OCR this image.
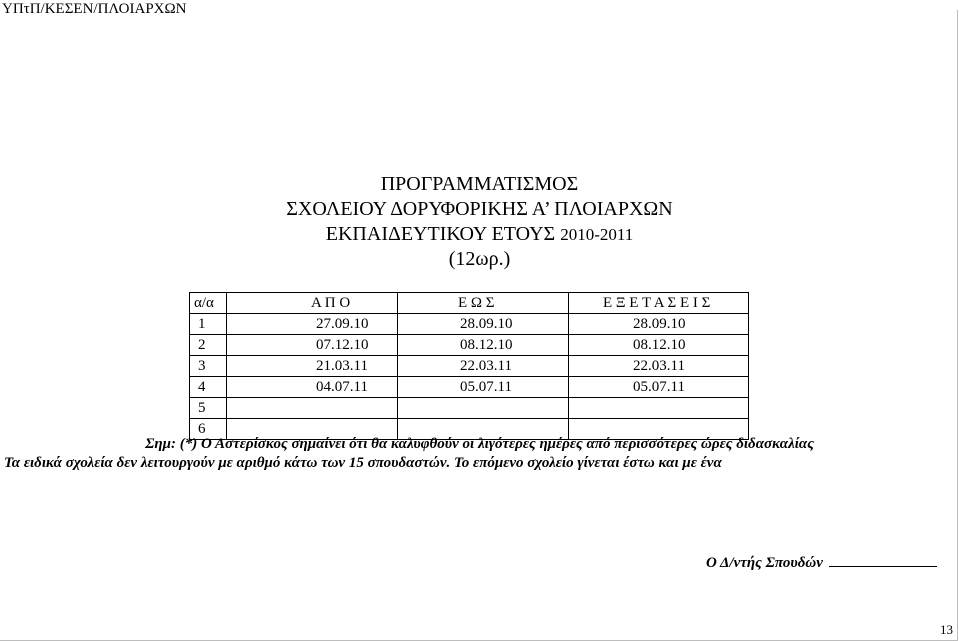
ΥΠτΠ/ΚΕΣΕΝ/ΠΛΟΙΑΡΧΩΝ
ΠΡΟΓΡΑΜΜΑΤΙΣΜΟΣ
ΣΧΟΛΕΙΟΥ ΔΟΡΥΦΟΡΙΚΗΣ Α’ ΠΛΟΙΑΡΧΩΝ
ΕΚΠΑΙΔΕΥΤΙΚΟΥ ΕΤΟΥΣ 2010-2011
(12ωρ.)
α/α	Α Π Ο	Ε Ω Σ	Ε Ξ Ε Τ Α Σ Ε Ι Σ
1	27.09.10	28.09.10	28.09.10
2	07.12.10	08.12.10	08.12.10
3	21.03.11	22.03.11	22.03.11
4	04.07.11	05.07.11	05.07.11
5			
6			
Σημ: (*) Ο Αστερίσκος σημαίνει ότι θα καλυφθούν οι λιγότερες ημέρες από περισσότερες ώρες διδασκαλίας
Τα ειδικά σχολεία δεν λειτουργούν με αριθμό κάτω των 15 σπουδαστών. Το επόμενο σχολείο γίνεται έστω και με ένα
Ο Δ/ντής Σπουδών
13
